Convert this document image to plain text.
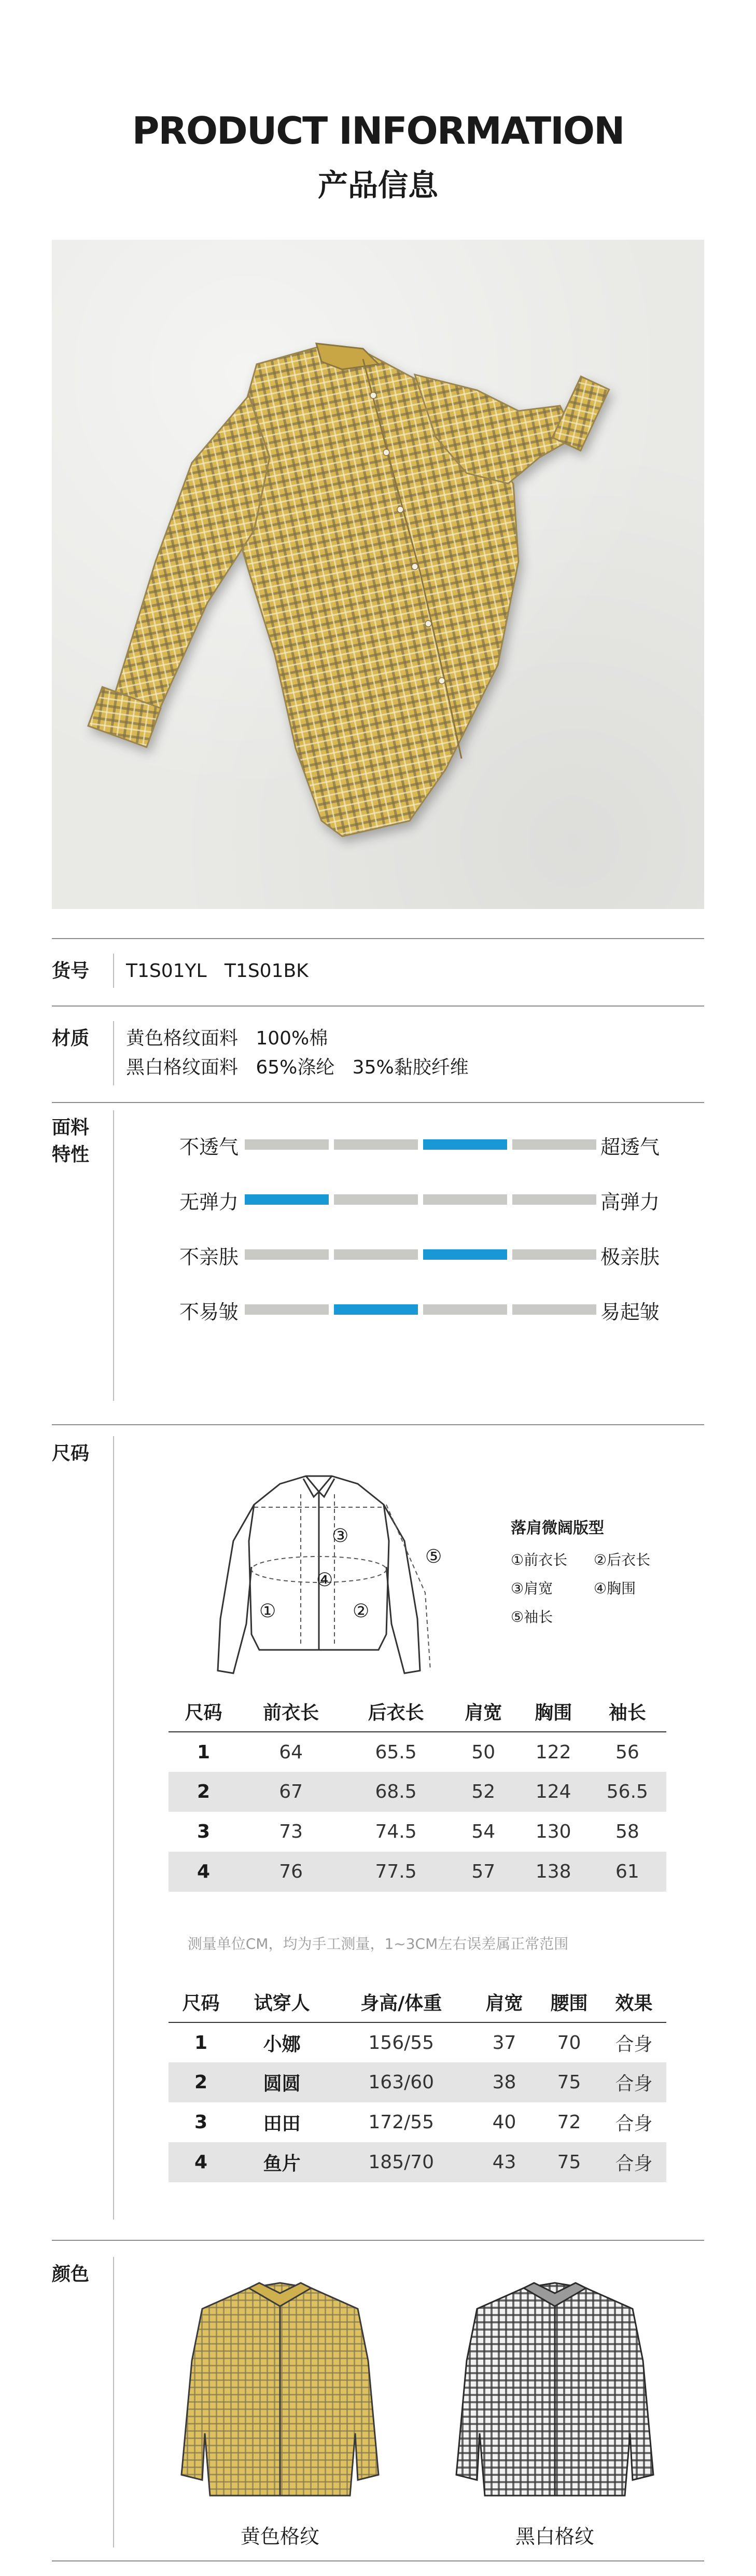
PRODUCT INFORMATION
产品信息
货号 T1S01YL   T1S01BK
材质 黄色格纹面料   100%棉
黑白格纹面料   65%涤纶   35%黏胶纤维
面料
特性	不透气	超透气
无弹力	高弹力
不亲肤	极亲肤
不易皱	易起皱
尺码
③
④
①	②
⑤
落肩微阔版型
①前衣长 ②后衣长
③肩宽	④胸围
⑤袖长
尺码	前衣长	后衣长	肩宽	胸围	袖长
1	64	65.5	50	122	56
2	67	68.5	52	124	56.5
3	73	74.5	54	130	58
4	76	77.5	57	138	61
测量单位CM，均为手工测量，1~3CM左右误差属正常范围
尺码	试穿人	身高/体重	肩宽	腰围	效果
1	小娜	156/55	37	70	合身
2	圆圆	163/60	38	75	合身
3	田田	172/55	40	72	合身
4	鱼片	185/70	43	75	合身
颜色
黄色格纹	黑白格纹
